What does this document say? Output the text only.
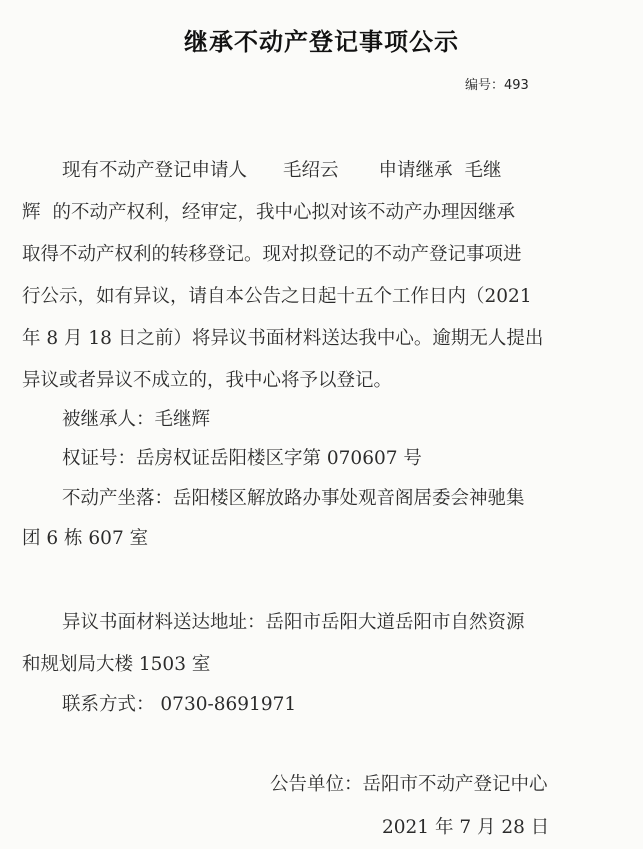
继承不动产登记事项公示
编号：493
现有不动产登记申请人 毛绍云 申请继承 毛继
辉 的不动产权利，经审定，我中心拟对该不动产办理因继承
取得不动产权利的转移登记。现对拟登记的不动产登记事项进
行公示，如有异议，请自本公告之日起十五个工作日内（2021
年 8 月 18 日之前）将异议书面材料送达我中心。逾期无人提出
异议或者异议不成立的，我中心将予以登记。
被继承人：毛继辉
权证号：岳房权证岳阳楼区字第 070607 号
不动产坐落：岳阳楼区解放路办事处观音阁居委会神驰集
团 6 栋 607 室
异议书面材料送达地址：岳阳市岳阳大道岳阳市自然资源
和规划局大楼 1503 室
联系方式： 0730-8691971
公告单位：岳阳市不动产登记中心
2021 年 7 月 28 日
